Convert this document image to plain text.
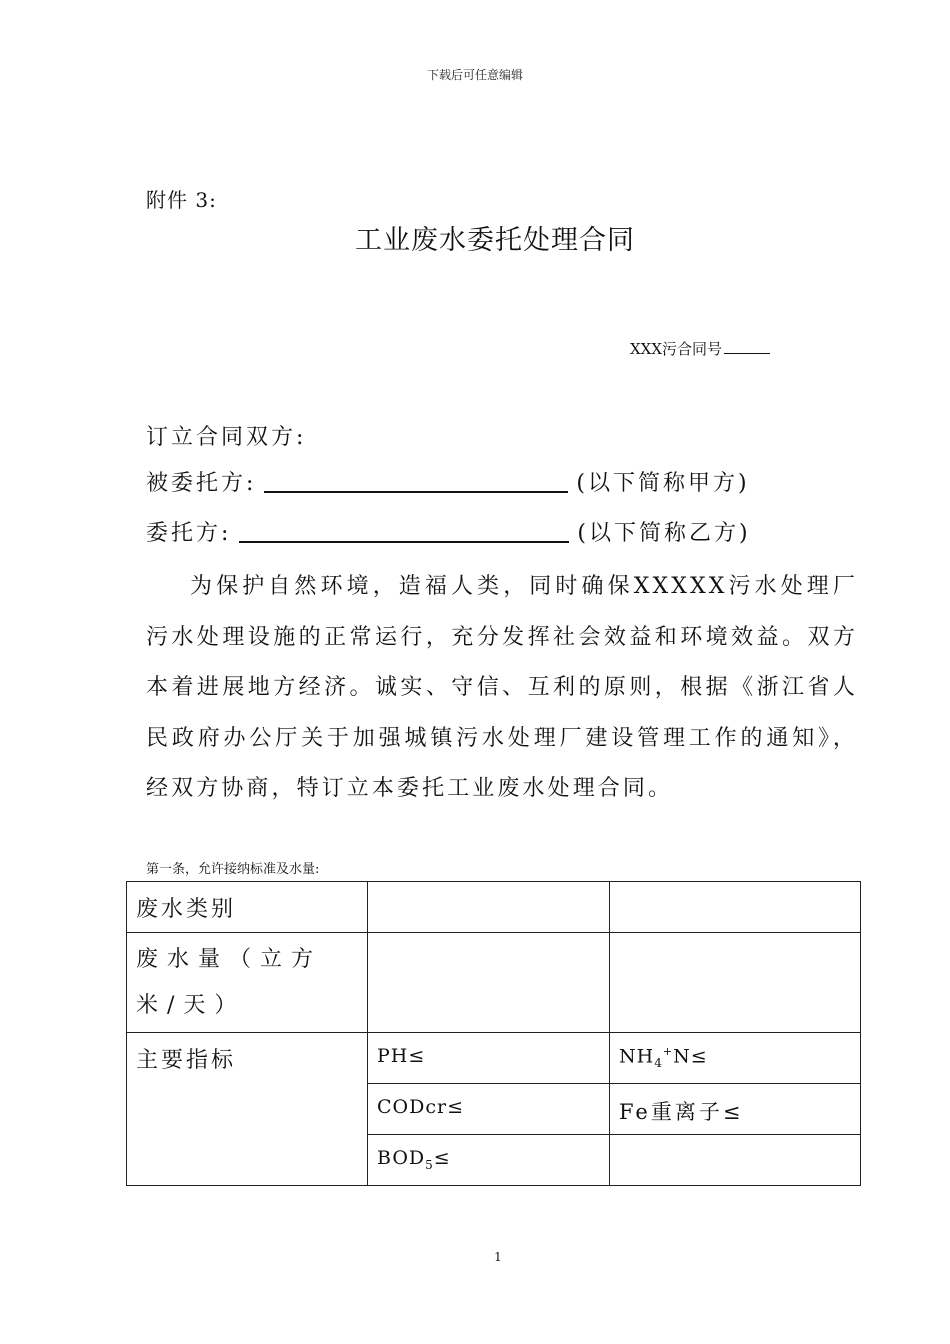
下载后可任意编辑
附件 3:
工业废水委托处理合同
XXX污合同号
订立合同双方:
被委托方:	(以下简称甲方)
委托方:	(以下简称乙方)
为保护自然环境，造福人类，同时确保XXXXX污水处理厂污水处理设施的正常运行，充分发挥社会效益和环境效益。双方本着进展地方经济。诚实、守信、互利的原则，根据《浙江省人民政府办公厅关于加强城镇污水处理厂建设管理工作的通知》，经双方协商，特订立本委托工业废水处理合同。
第一条，允许接纳标准及水量:
废水类别		
废水量（立方米/天）		
主要指标	PH≤	$NH_4^+N\le$
	CODcr≤	Fe重离子≤
	$BOD_5\le$	
1
